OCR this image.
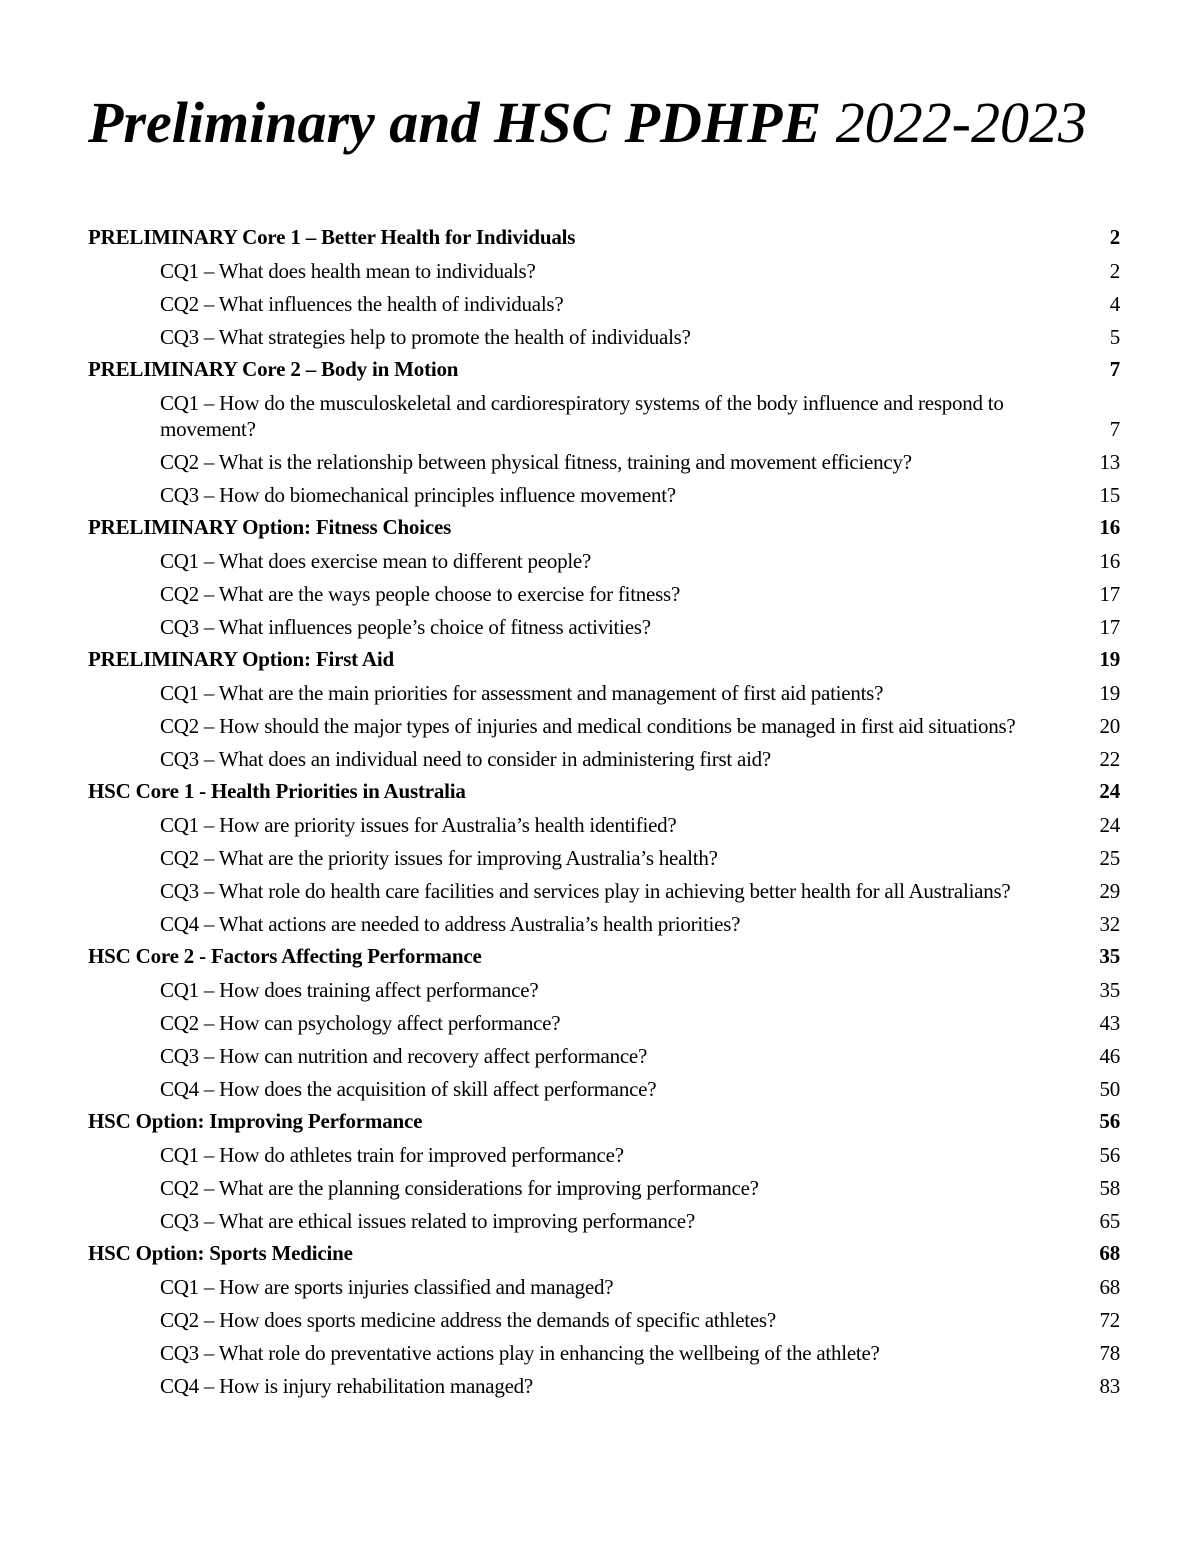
Preliminary and HSC PDHPE 2022-2023
PRELIMINARY Core 1 – Better Health for Individuals	2
CQ1 – What does health mean to individuals?	2
CQ2 – What influences the health of individuals?	4
CQ3 – What strategies help to promote the health of individuals?	5
PRELIMINARY Core 2 – Body in Motion	7
CQ1 – How do the musculoskeletal and cardiorespiratory systems of the body influence and respond to movement?	7
CQ2 – What is the relationship between physical fitness, training and movement efficiency?	13
CQ3 – How do biomechanical principles influence movement?	15
PRELIMINARY Option: Fitness Choices	16
CQ1 – What does exercise mean to different people?	16
CQ2 – What are the ways people choose to exercise for fitness?	17
CQ3 – What influences people’s choice of fitness activities?	17
PRELIMINARY Option: First Aid	19
CQ1 – What are the main priorities for assessment and management of first aid patients?	19
CQ2 – How should the major types of injuries and medical conditions be managed in first aid situations?	20
CQ3 – What does an individual need to consider in administering first aid?	22
HSC Core 1 - Health Priorities in Australia	24
CQ1 – How are priority issues for Australia’s health identified?	24
CQ2 – What are the priority issues for improving Australia’s health?	25
CQ3 – What role do health care facilities and services play in achieving better health for all Australians?	29
CQ4 – What actions are needed to address Australia’s health priorities?	32
HSC Core 2 - Factors Affecting Performance	35
CQ1 – How does training affect performance?	35
CQ2 – How can psychology affect performance?	43
CQ3 – How can nutrition and recovery affect performance?	46
CQ4 – How does the acquisition of skill affect performance?	50
HSC Option: Improving Performance	56
CQ1 – How do athletes train for improved performance?	56
CQ2 – What are the planning considerations for improving performance?	58
CQ3 – What are ethical issues related to improving performance?	65
HSC Option: Sports Medicine	68
CQ1 – How are sports injuries classified and managed?	68
CQ2 – How does sports medicine address the demands of specific athletes?	72
CQ3 – What role do preventative actions play in enhancing the wellbeing of the athlete?	78
CQ4 – How is injury rehabilitation managed?	83
